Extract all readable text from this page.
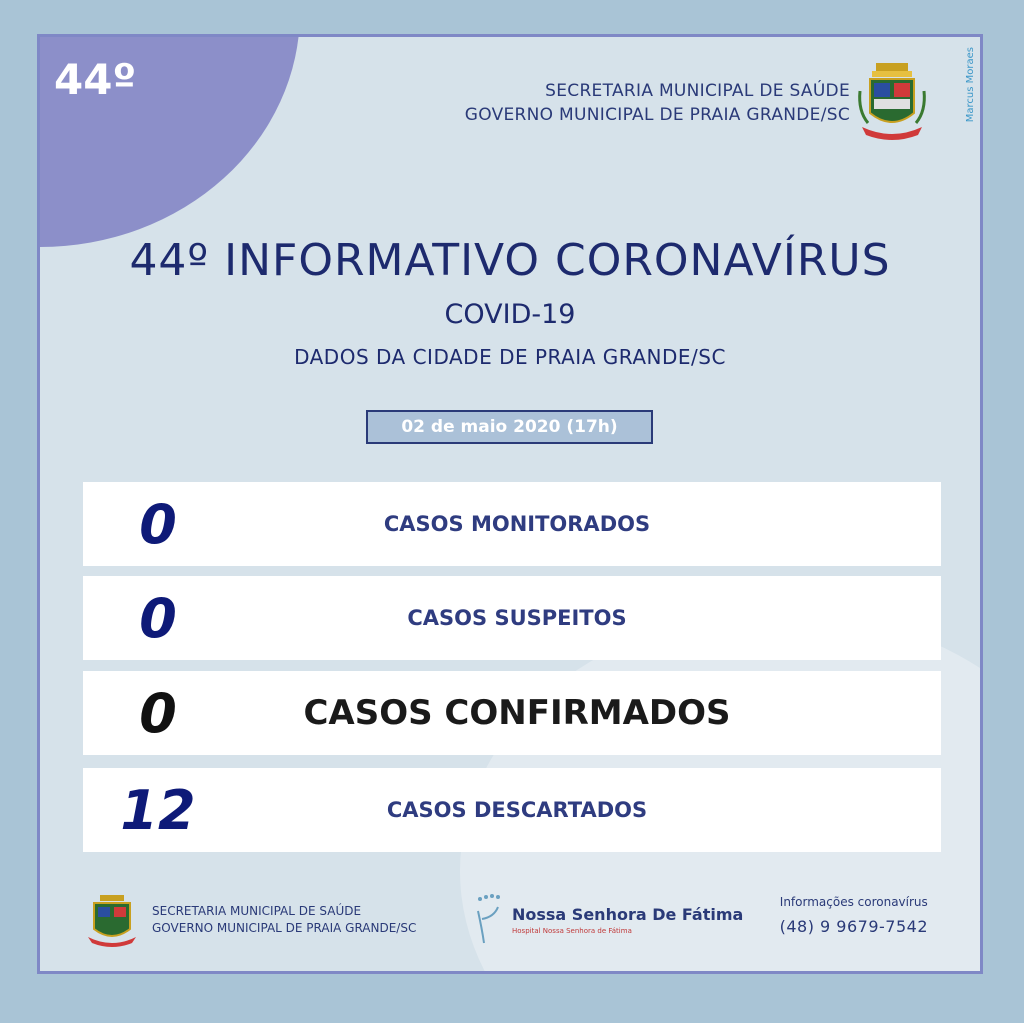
44º	SECRETARIA MUNICIPAL DE SAÚDE
GOVERNO MUNICIPAL DE PRAIA GRANDE/SC	Marcus Moraes
44º INFORMATIVO CORONAVÍRUS
COVID-19
DADOS DA CIDADE DE PRAIA GRANDE/SC
02 de maio 2020 (17h)
0	CASOS MONITORADOS
0	CASOS SUSPEITOS
0	CASOS CONFIRMADOS
12	CASOS DESCARTADOS
SECRETARIA MUNICIPAL DE SAÚDE
GOVERNO MUNICIPAL DE PRAIA GRANDE/SC
Nossa Senhora De Fátima
Hospital Nossa Senhora de Fátima
Informações coronavírus
(48) 9 9679-7542
